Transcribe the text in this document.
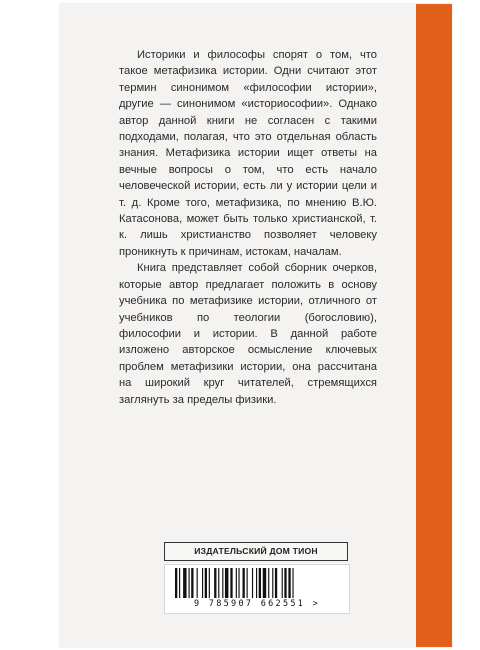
Историки и философы спорят о том, что такое метафизика истории. Одни считают этот термин синонимом «философии истории», другие — синонимом «историософии». Однако автор данной книги не согласен с такими подходами, полагая, что это отдельная область знания. Метафизика истории ищет ответы на вечные вопросы о том, что есть начало человеческой истории, есть ли у истории цели и т. д. Кроме того, метафизика, по мнению В.Ю. Катасонова, может быть только христианской, т. к. лишь христианство позволяет человеку проникнуть к причинам, истокам, началам.

Книга представляет собой сборник очерков, которые автор предлагает положить в основу учебника по метафизике истории, отличного от учебников по теологии (богословию), философии и истории. В данной работе изложено авторское осмысление ключевых проблем метафизики истории, она рассчитана на широкий круг читателей, стремящихся заглянуть за пределы физики.

ИЗДАТЕЛЬСКИЙ ДОМ ТИОН
9 785907 662551 >
